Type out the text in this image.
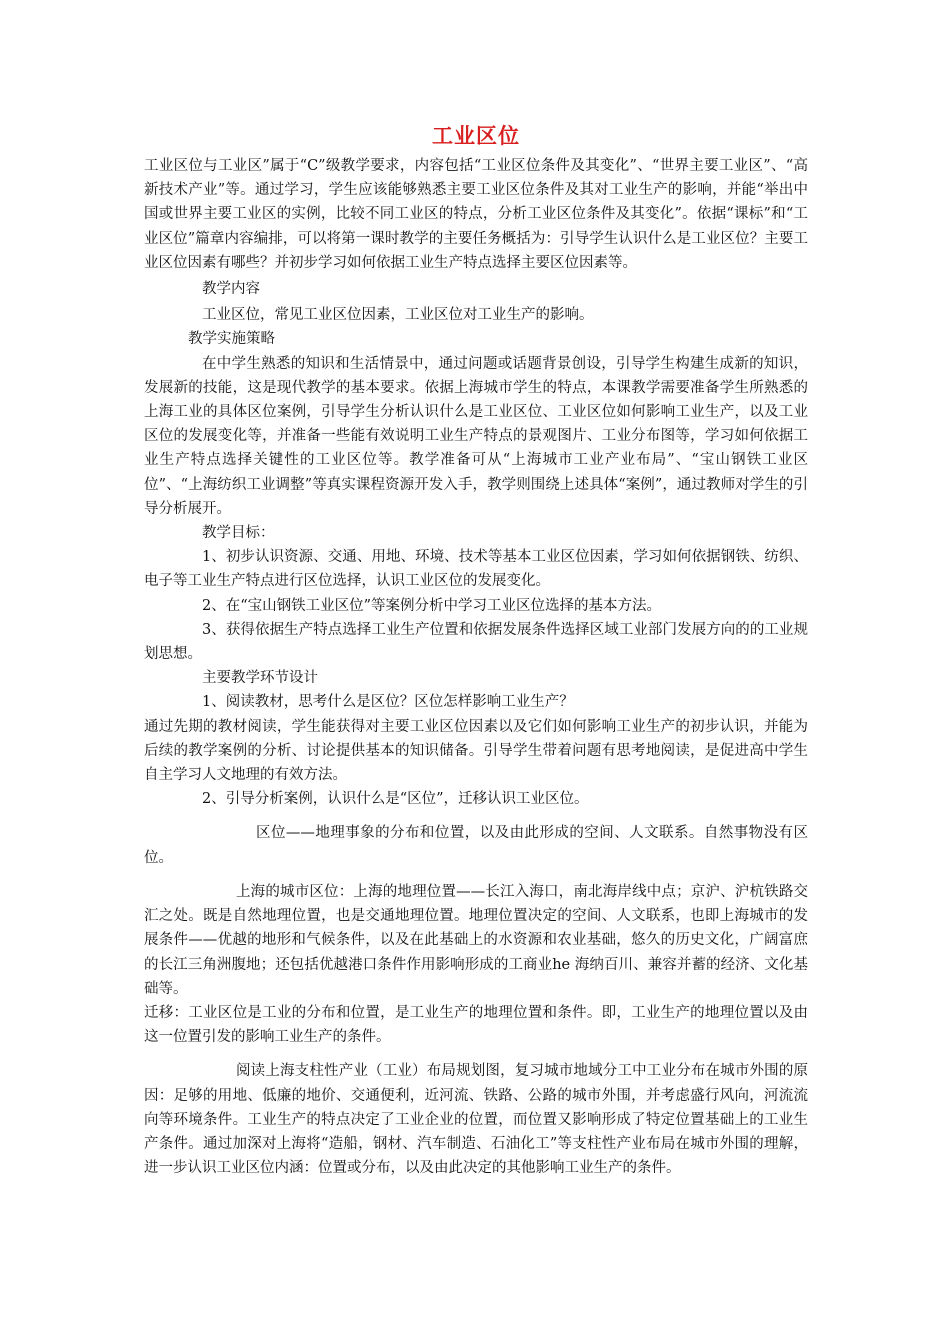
工业区位

工业区位与工业区”属于“C”级教学要求，内容包括“工业区位条件及其变化”、“世界主要工业区”、“高新技术产业”等。通过学习，学生应该能够熟悉主要工业区位条件及其对工业生产的影响，并能“举出中国或世界主要工业区的实例，比较不同工业区的特点，分析工业区位条件及其变化”。依据“课标”和“工业区位”篇章内容编排，可以将第一课时教学的主要任务概括为：引导学生认识什么是工业区位？主要工业区位因素有哪些？并初步学习如何依据工业生产特点选择主要区位因素等。

教学内容

工业区位，常见工业区位因素，工业区位对工业生产的影响。

教学实施策略

在中学生熟悉的知识和生活情景中，通过问题或话题背景创设，引导学生构建生成新的知识，发展新的技能，这是现代教学的基本要求。依据上海城市学生的特点，本课教学需要准备学生所熟悉的上海工业的具体区位案例，引导学生分析认识什么是工业区位、工业区位如何影响工业生产，以及工业区位的发展变化等，并准备一些能有效说明工业生产特点的景观图片、工业分布图等，学习如何依据工业生产特点选择关键性的工业区位等。教学准备可从“上海城市工业产业布局”、“宝山钢铁工业区位”、“上海纺织工业调整”等真实课程资源开发入手，教学则围绕上述具体“案例”，通过教师对学生的引导分析展开。

教学目标：

1、初步认识资源、交通、用地、环境、技术等基本工业区位因素，学习如何依据钢铁、纺织、电子等工业生产特点进行区位选择，认识工业区位的发展变化。

2、在“宝山钢铁工业区位”等案例分析中学习工业区位选择的基本方法。

3、获得依据生产特点选择工业生产位置和依据发展条件选择区域工业部门发展方向的的工业规划思想。

主要教学环节设计

1、阅读教材，思考什么是区位？区位怎样影响工业生产？

通过先期的教材阅读，学生能获得对主要工业区位因素以及它们如何影响工业生产的初步认识，并能为后续的教学案例的分析、讨论提供基本的知识储备。引导学生带着问题有思考地阅读，是促进高中学生自主学习人文地理的有效方法。

2、引导分析案例，认识什么是“区位”，迁移认识工业区位。

区位——地理事象的分布和位置，以及由此形成的空间、人文联系。自然事物没有区位。

上海的城市区位：上海的地理位置——长江入海口，南北海岸线中点；京沪、沪杭铁路交汇之处。既是自然地理位置，也是交通地理位置。地理位置决定的空间、人文联系，也即上海城市的发展条件——优越的地形和气候条件，以及在此基础上的水资源和农业基础，悠久的历史文化，广阔富庶的长江三角洲腹地；还包括优越港口条件作用影响形成的工商业he 海纳百川、兼容并蓄的经济、文化基础等。

迁移：工业区位是工业的分布和位置，是工业生产的地理位置和条件。即，工业生产的地理位置以及由这一位置引发的影响工业生产的条件。

阅读上海支柱性产业（工业）布局规划图，复习城市地域分工中工业分布在城市外围的原因：足够的用地、低廉的地价、交通便利，近河流、铁路、公路的城市外围，并考虑盛行风向，河流流向等环境条件。工业生产的特点决定了工业企业的位置，而位置又影响形成了特定位置基础上的工业生产条件。通过加深对上海将“造船，钢材、汽车制造、石油化工”等支柱性产业布局在城市外围的理解，进一步认识工业区位内涵：位置或分布，以及由此决定的其他影响工业生产的条件。
